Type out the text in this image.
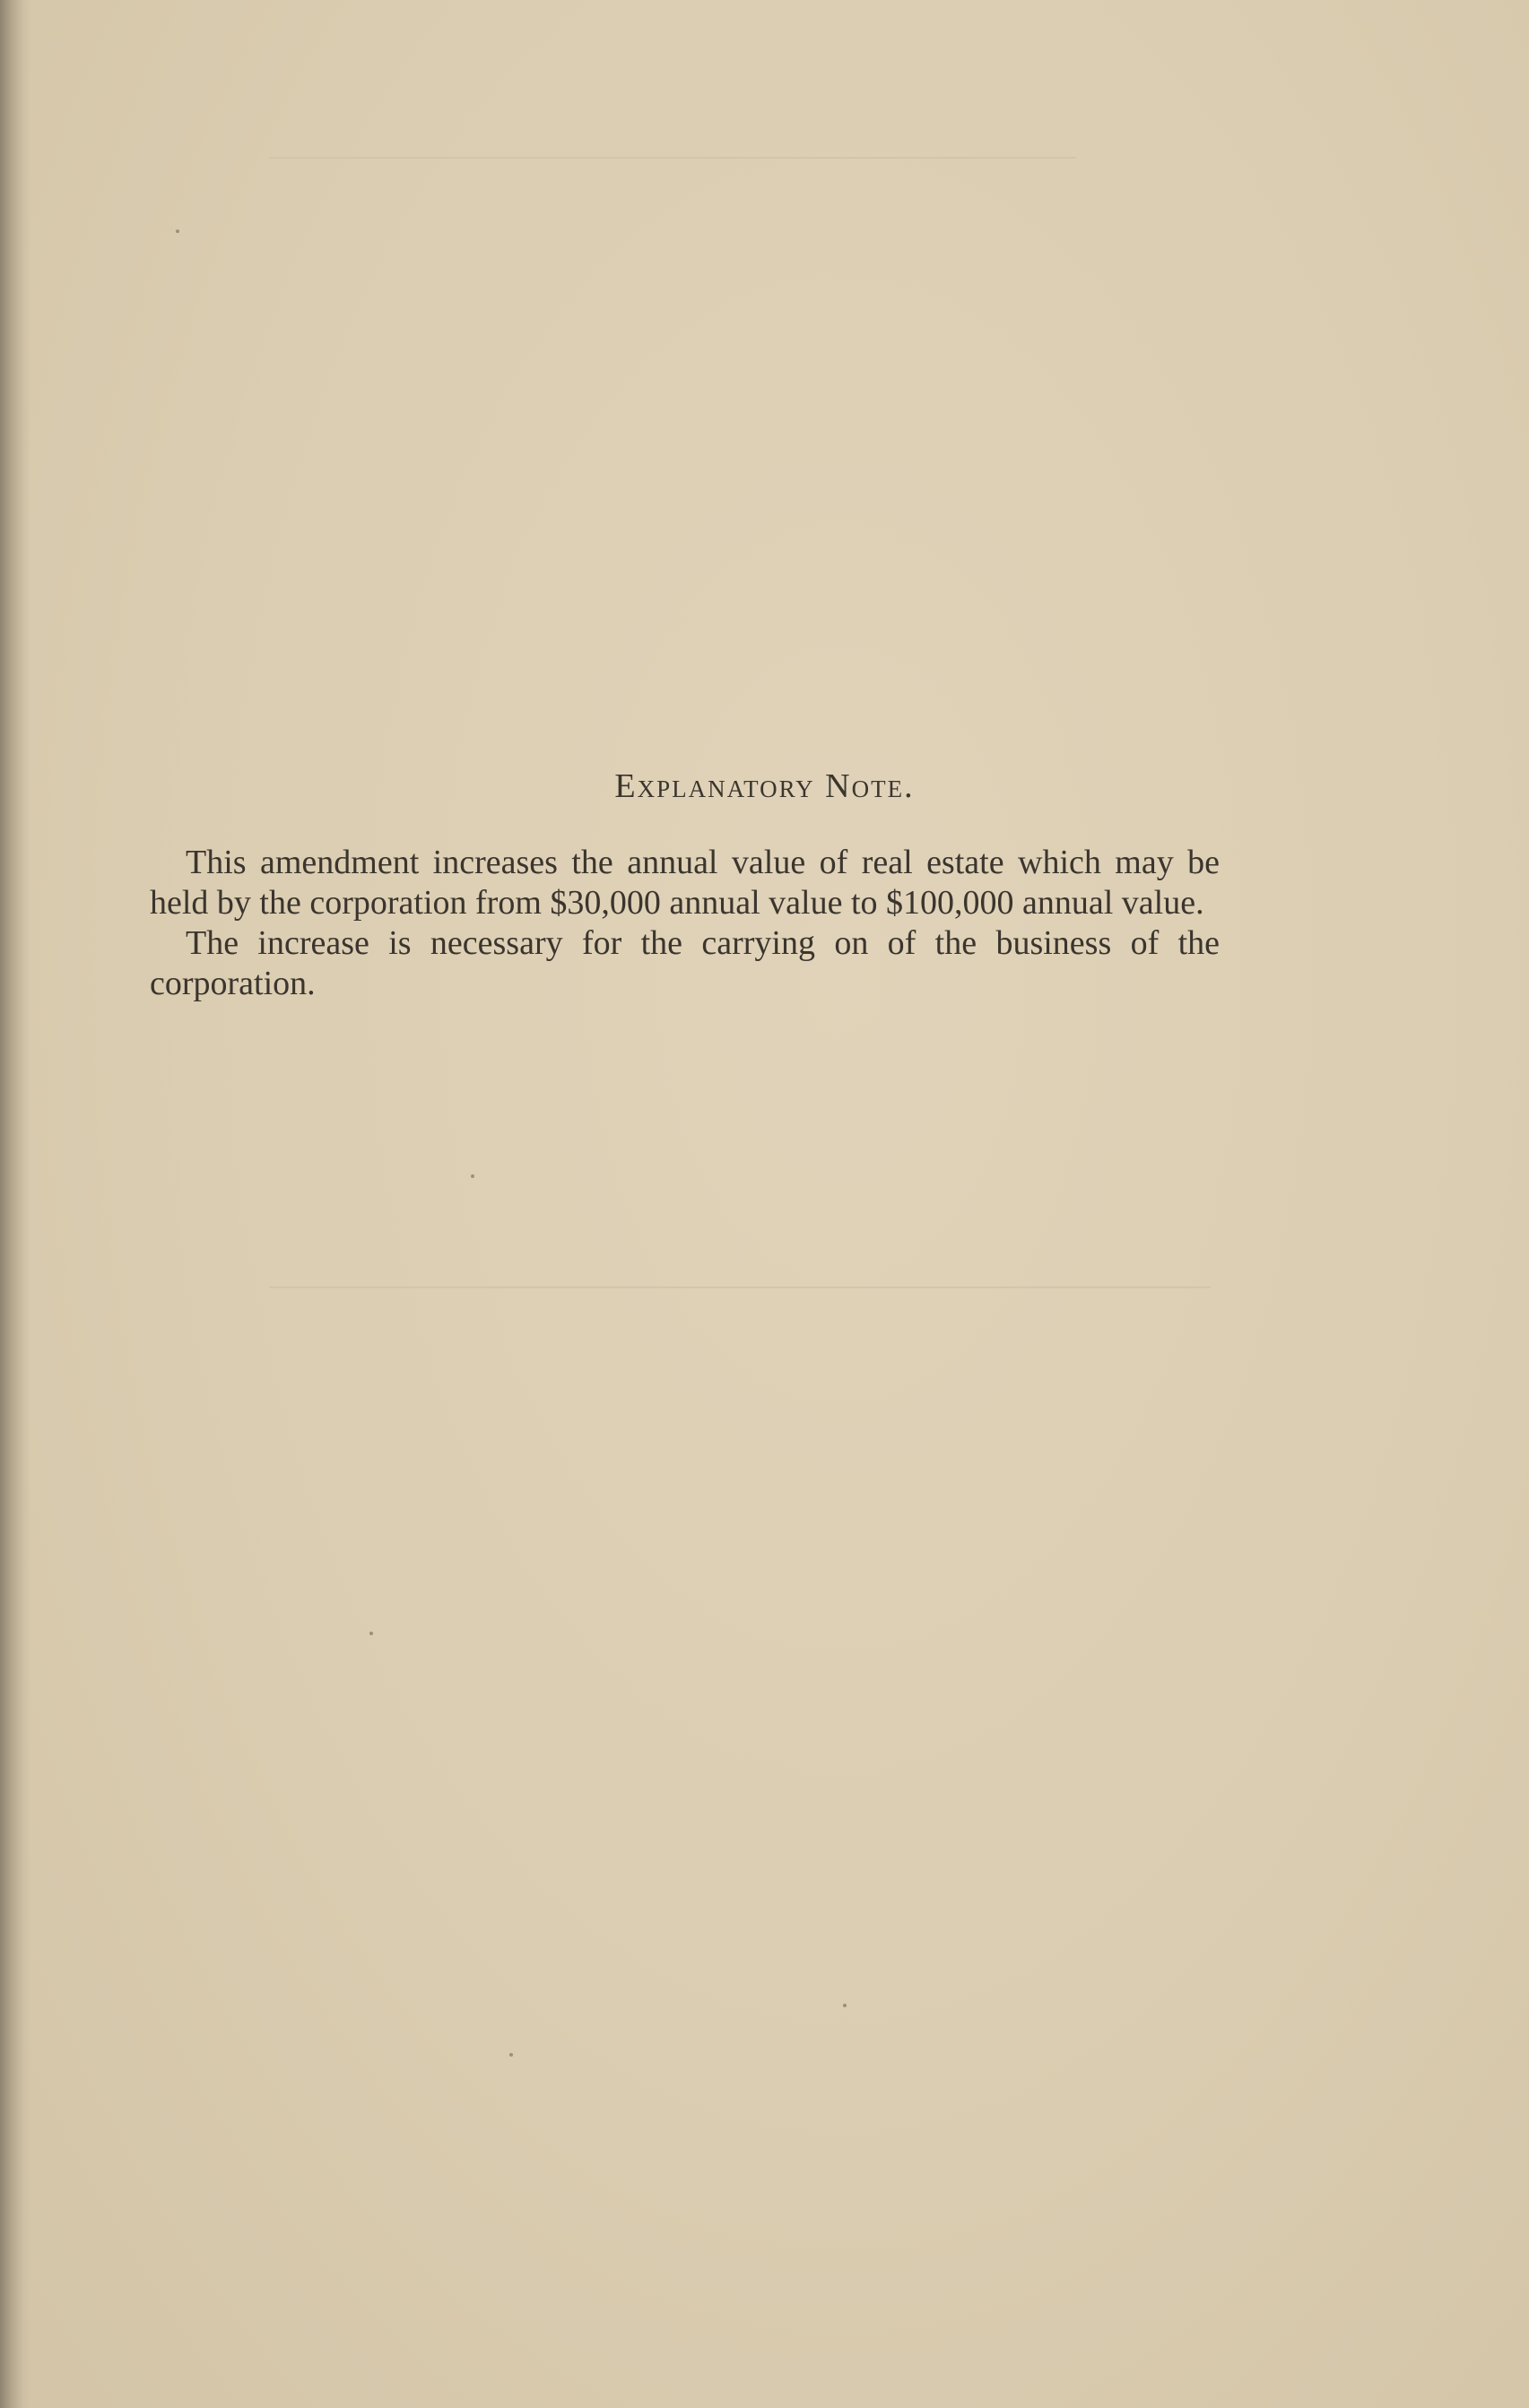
Explanatory Note.

This amendment increases the annual value of real estate which may be held by the corporation from $30,000 annual value to $100,000 annual value.

The increase is necessary for the carrying on of the business of the corporation.
